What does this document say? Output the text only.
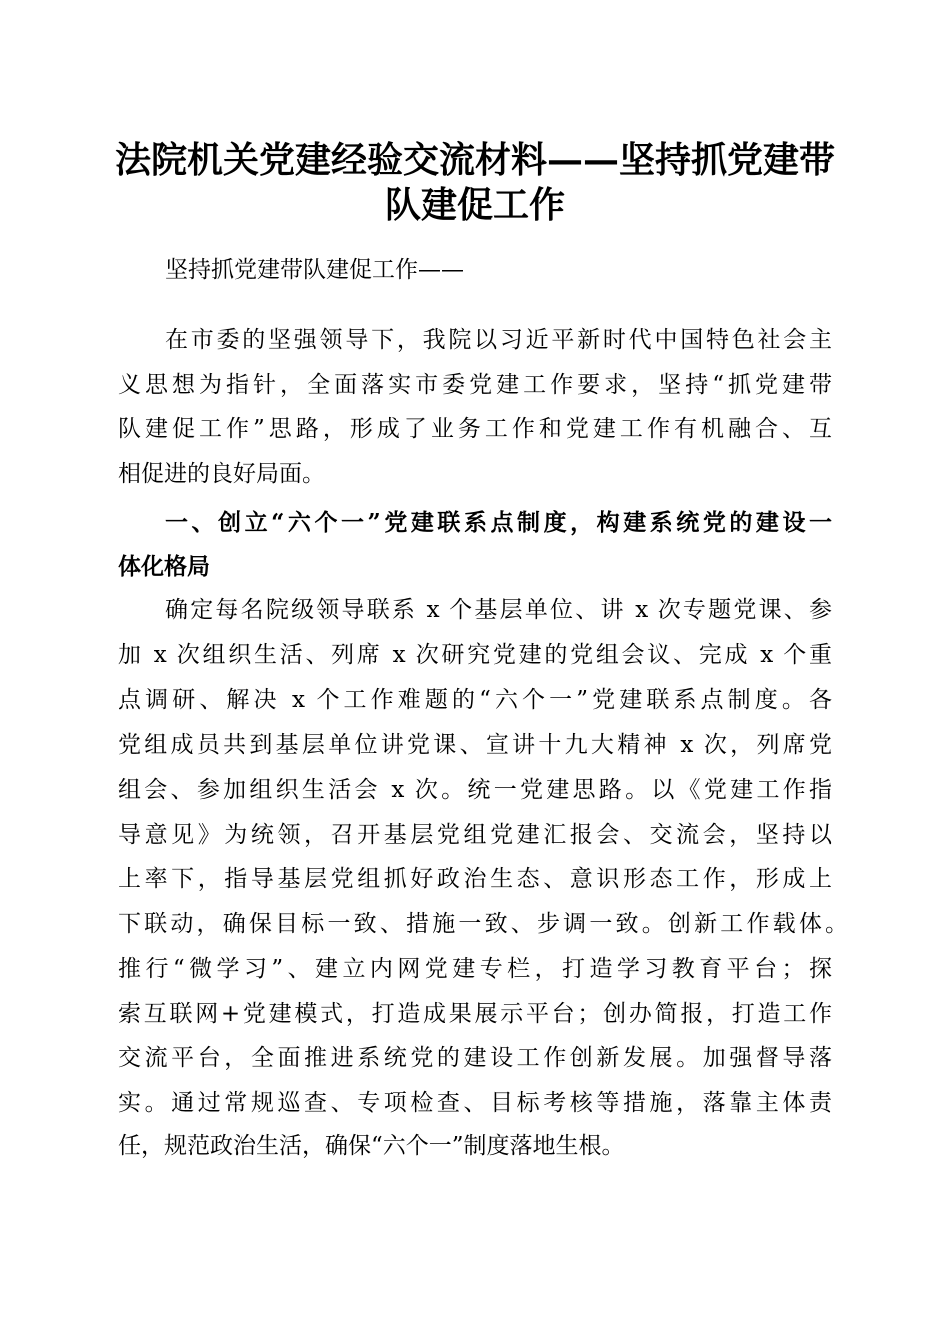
法院机关党建经验交流材料——坚持抓党建带
队建促工作
坚持抓党建带队建促工作——
在市委的坚强领导下，我院以习近平新时代中国特色社会主
义思想为指针，全面落实市委党建工作要求，坚持“抓党建带
队建促工作”思路，形成了业务工作和党建工作有机融合、互
相促进的良好局面。
一、创立“六个一”党建联系点制度，构建系统党的建设一
体化格局
确定每名院级领导联系 x 个基层单位、讲 x 次专题党课、参
加 x 次组织生活、列席 x 次研究党建的党组会议、完成 x 个重
点调研、解决 x 个工作难题的“六个一”党建联系点制度。各
党组成员共到基层单位讲党课、宣讲十九大精神 x 次，列席党
组会、参加组织生活会 x 次。统一党建思路。以《党建工作指
导意见》为统领，召开基层党组党建汇报会、交流会，坚持以
上率下，指导基层党组抓好政治生态、意识形态工作，形成上
下联动，确保目标一致、措施一致、步调一致。创新工作载体。
推行“微学习”、建立内网党建专栏，打造学习教育平台；探
索互联网+党建模式，打造成果展示平台；创办简报，打造工作
交流平台，全面推进系统党的建设工作创新发展。加强督导落
实。通过常规巡查、专项检查、目标考核等措施，落靠主体责
任，规范政治生活，确保“六个一”制度落地生根。
